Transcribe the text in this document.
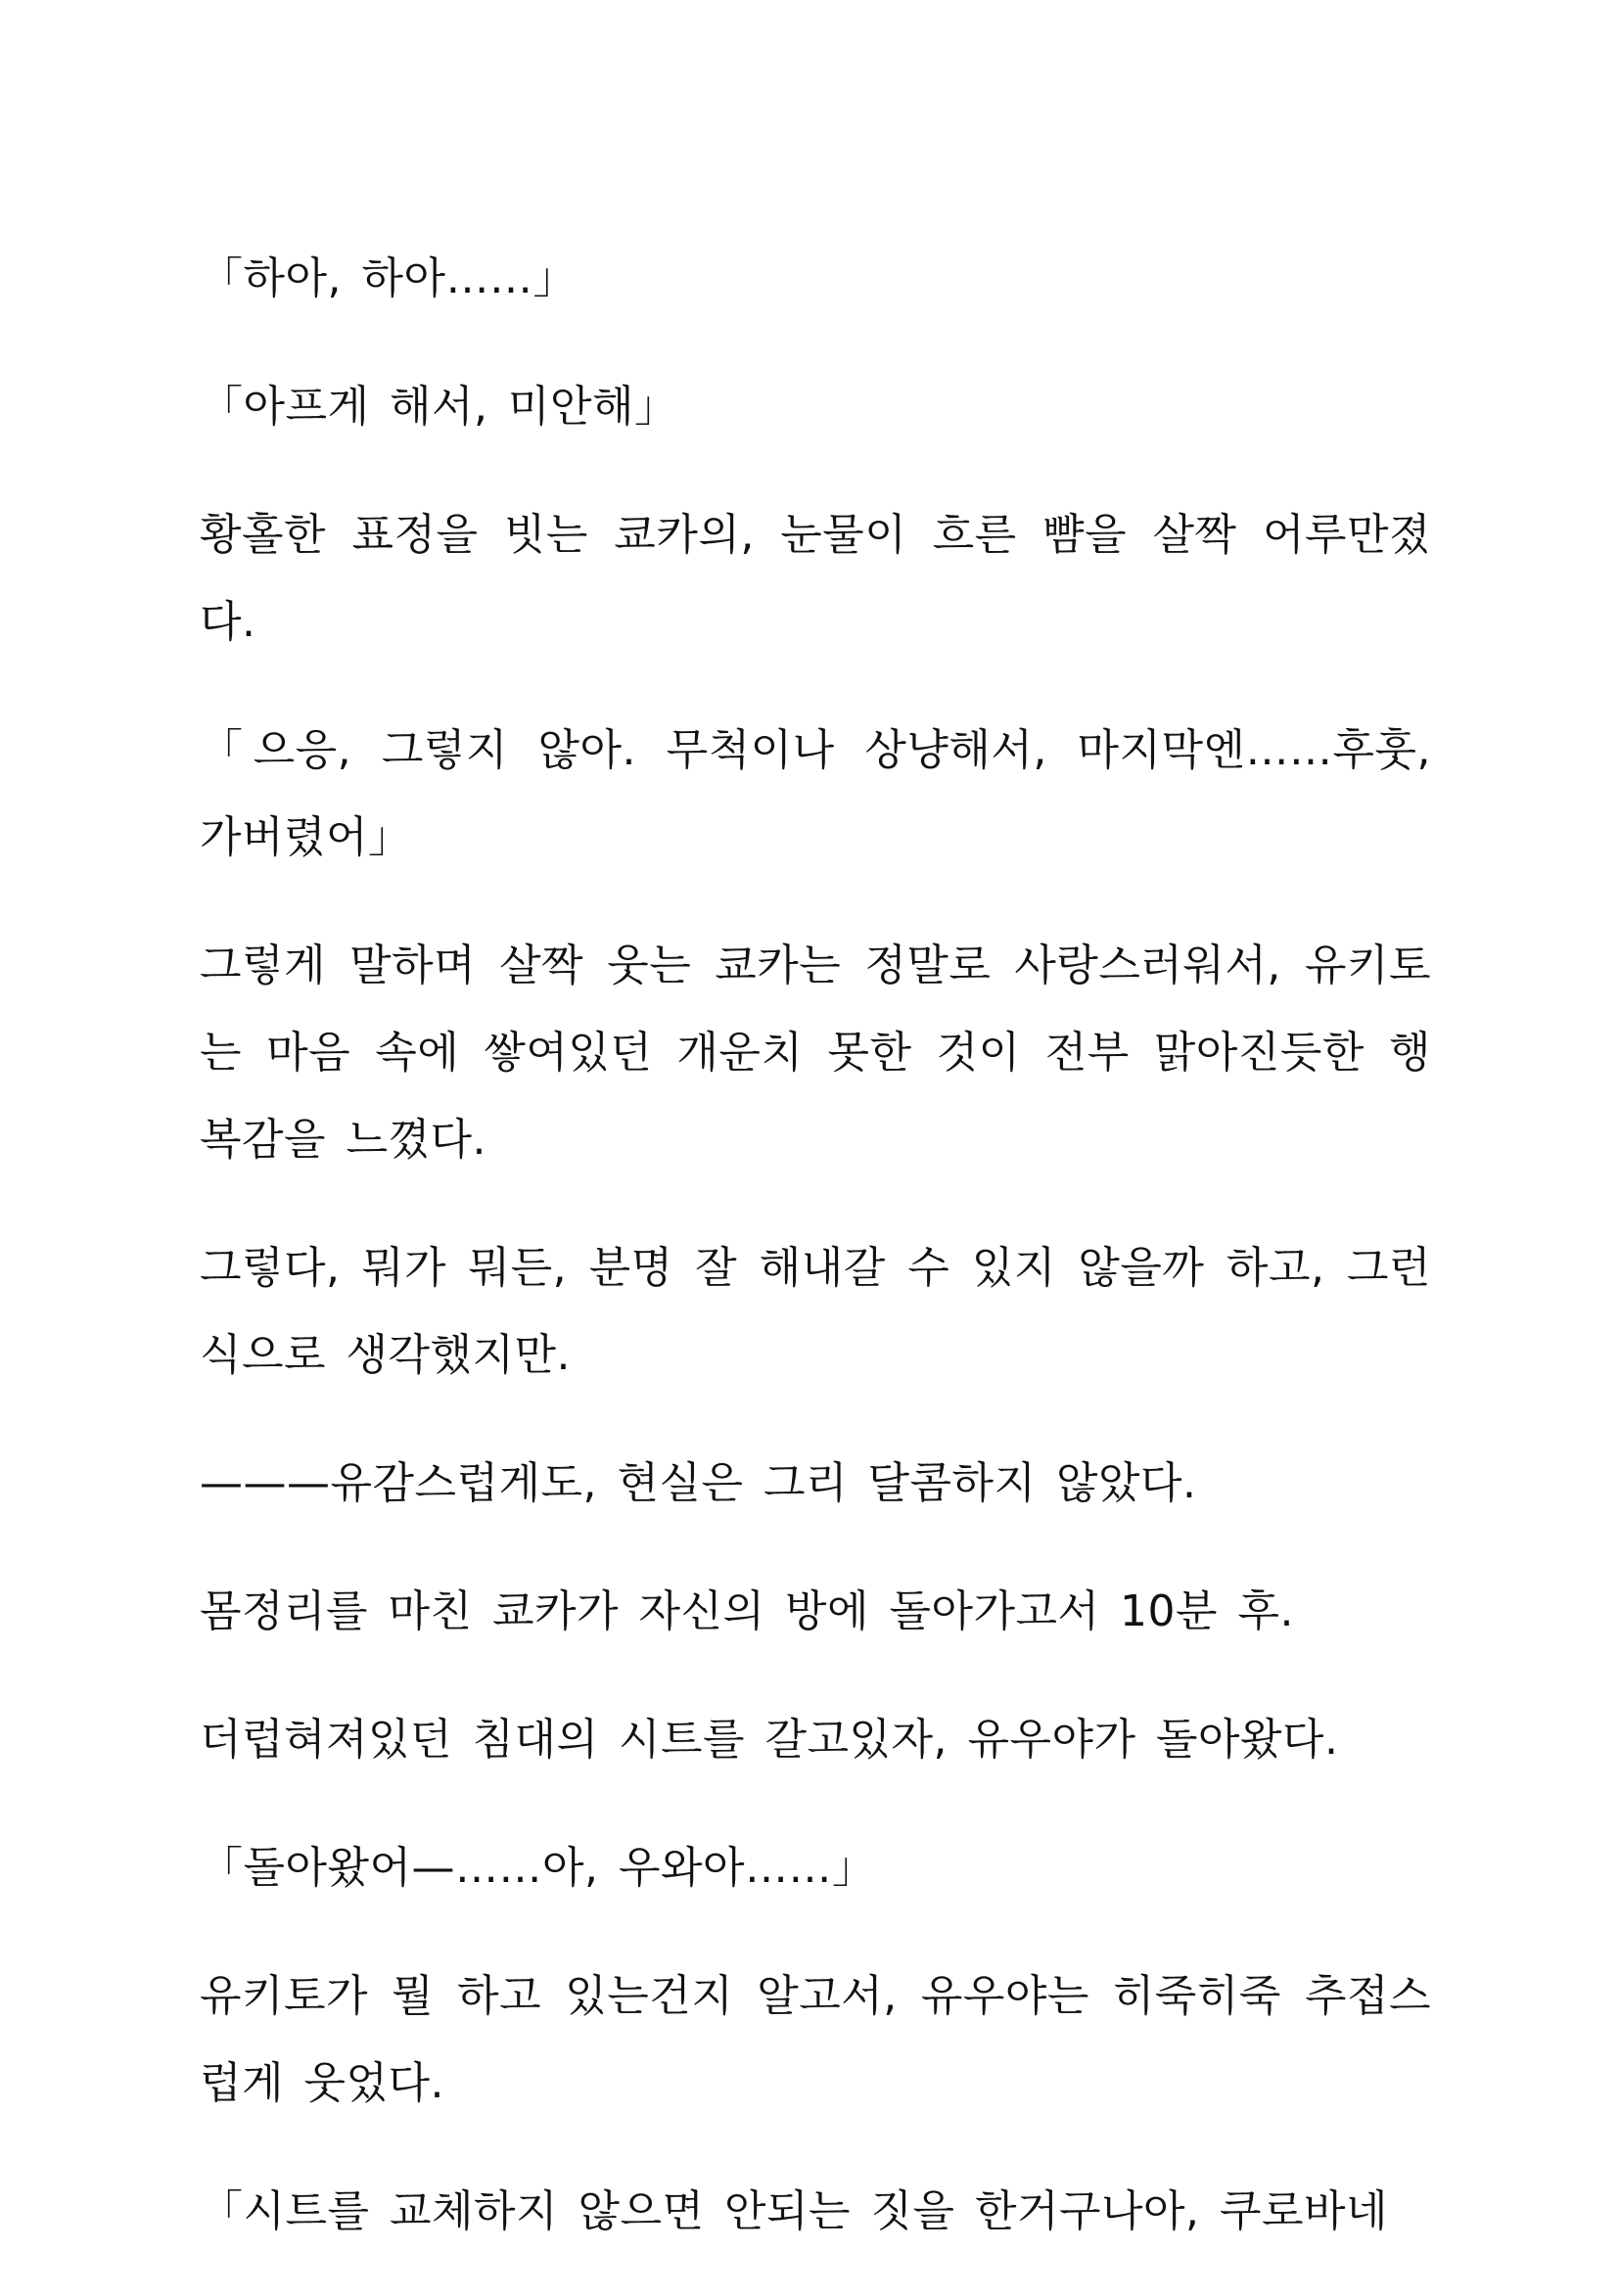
「하아, 하아……」

「아프게 해서, 미안해」

황홀한 표정을 빗는 쿄카의, 눈물이 흐른 뺨을 살짝 어루만졌다.

「으응, 그렇지 않아. 무척이나 상냥해서, 마지막엔……후훗, 가버렸어」

그렇게 말하며 살짝 웃는 쿄카는 정말로 사랑스러워서, 유키토는 마음 속에 쌓여있던 개운치 못한 것이 전부 맑아진듯한 행복감을 느꼈다.

그렇다, 뭐가 뭐든, 분명 잘 해내갈 수 있지 않을까 하고, 그런 식으로 생각했지만.

———유감스럽게도, 현실은 그리 달콤하지 않았다.

몸정리를 마친 쿄카가 자신의 방에 돌아가고서 10분 후.

더럽혀져있던 침대의 시트를 갈고있자, 유우야가 돌아왔다.

「돌아왔어—……아, 우와아……」

유키토가 뭘 하고 있는건지 알고서, 유우야는 히죽히죽 추접스럽게 웃었다.

「시트를 교체하지 않으면 안되는 짓을 한거구나아, 쿠로바네
